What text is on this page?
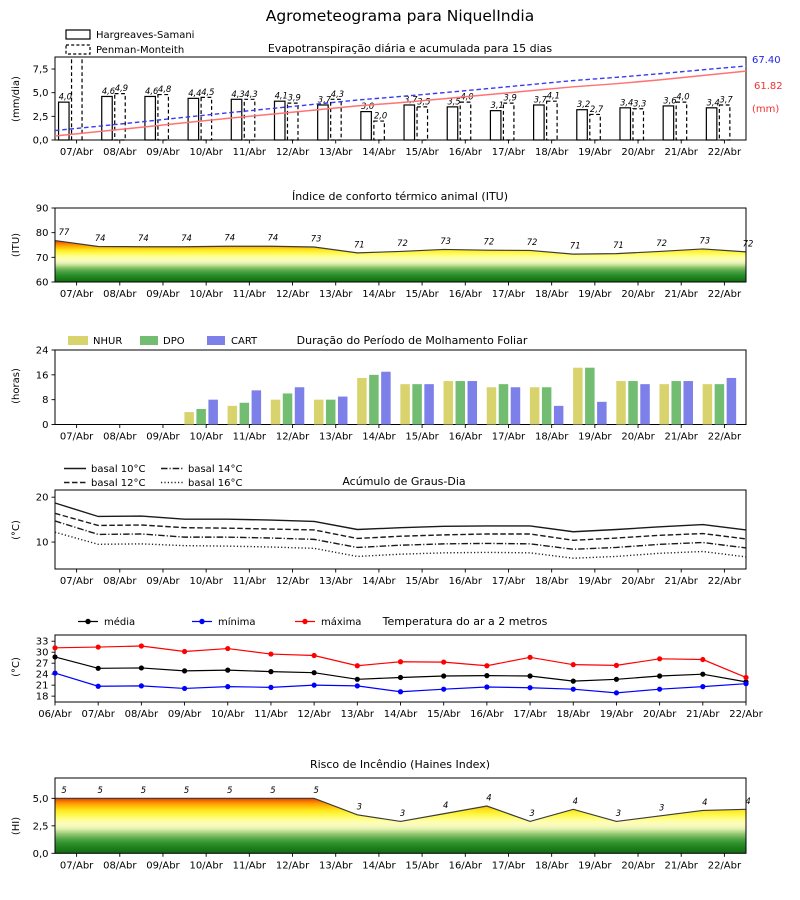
Agrometeograma para NiquelIndia
Hargreaves-Samani
Penman-Monteith	Evapotranspiração diária e acumulada para 15 dias
(mm/dia)
67.40
61.82
(mm)
0,0
2,5
5,0
7,5
07/Abr 08/Abr 09/Abr 10/Abr 11/Abr 12/Abr 13/Abr 14/Abr 15/Abr 16/Abr 17/Abr 18/Abr 19/Abr 20/Abr 21/Abr 22/Abr
4,0
4,6 4,9 4,6 4,8 4,4 4,5 4,3 4,3 4,1 3,9 3,7
4,3
3,0
2,0
3,7 3,5 3,5 4,0
3,1
3,9 3,7 4,1
3,2 2,7
3,4 3,3 3,6 4,0
3,4 3,7
Índice de conforto térmico animal (ITU)
(ITU)
77
74	74	74	74	74	73
71	72	73	72	72	71	71	72	73	72
60
70
80
90
07/Abr 08/Abr 09/Abr 10/Abr 11/Abr 12/Abr 13/Abr 14/Abr 15/Abr 16/Abr 17/Abr 18/Abr 19/Abr 20/Abr 21/Abr 22/Abr
NHUR	DPO	CART	Duração do Período de Molhamento Foliar
(horas)
0
8
16
24
07/Abr 08/Abr 09/Abr 10/Abr 11/Abr 12/Abr 13/Abr 14/Abr 15/Abr 16/Abr 17/Abr 18/Abr 19/Abr 20/Abr 21/Abr 22/Abr
basal 10°C
basal 12°C
basal 14°C
basal 16°C	Acúmulo de Graus-Dia
(°C)
10
20
07/Abr 08/Abr 09/Abr 10/Abr 11/Abr 12/Abr 13/Abr 14/Abr 15/Abr 16/Abr 17/Abr 18/Abr 19/Abr 20/Abr 21/Abr 22/Abr
média	mínima	máxima Temperatura do ar a 2 metros
(°C)
18
21
24
27
30
33
06/Abr 07/Abr 08/Abr 09/Abr 10/Abr 11/Abr 12/Abr 13/Abr 14/Abr 15/Abr 16/Abr 17/Abr 18/Abr 19/Abr 20/Abr 21/Abr 22/Abr
Risco de Incêndio (Haines Index)
(HI)
5	5	5	5	5	5	5
3
3
4
4
3
4
3
3
4	4
0,0
2,5
5,0
07/Abr 08/Abr 09/Abr 10/Abr 11/Abr 12/Abr 13/Abr 14/Abr 15/Abr 16/Abr 17/Abr 18/Abr 19/Abr 20/Abr 21/Abr 22/Abr
